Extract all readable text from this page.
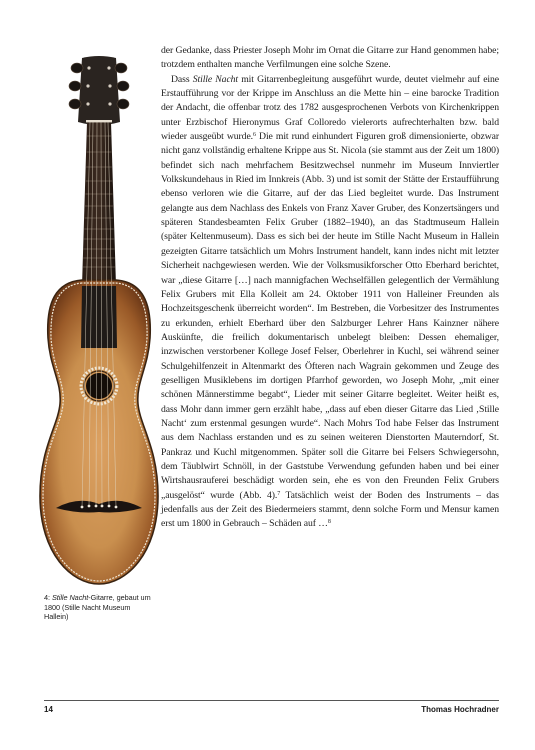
4: Stille Nacht-Gitarre, gebaut um 1800 (Stille Nacht Museum Hallein)

der Gedanke, dass Priester Joseph Mohr im Ornat die Gitarre zur Hand genommen habe; trotzdem enthalten manche Verfilmungen eine solche Szene.

Dass Stille Nacht mit Gitarrenbegleitung ausgeführt wurde, deutet vielmehr auf eine Erstaufführung vor der Krippe im Anschluss an die Mette hin – eine barocke Tradition der Andacht, die offenbar trotz des 1782 ausgesprochenen Verbots von Kirchenkrippen unter Erzbischof Hieronymus Graf Colloredo vielerorts aufrechterhalten bzw. bald wieder ausgeübt wurde.$^6$ Die mit rund einhundert Figuren groß dimensionierte, obzwar nicht ganz vollständig erhaltene Krippe aus St. Nicola (sie stammt aus der Zeit um 1800) befindet sich nach mehrfachem Besitzwechsel nunmehr im Museum Innviertler Volkskundehaus in Ried im Innkreis (Abb. 3) und ist somit der Stätte der Erstaufführung ebenso verloren wie die Gitarre, auf der das Lied begleitet wurde. Das Instrument gelangte aus dem Nachlass des Enkels von Franz Xaver Gruber, des Konzertsängers und späteren Standesbeamten Felix Gruber (1882–1940), an das Stadtmuseum Hallein (später Keltenmuseum). Dass es sich bei der heute im Stille Nacht Museum in Hallein gezeigten Gitarre tatsächlich um Mohrs Instrument handelt, kann indes nicht mit letzter Sicherheit nachgewiesen werden. Wie der Volksmusikforscher Otto Eberhard berichtet, war „diese Gitarre […] nach mannigfachen Wechselfällen gelegentlich der Vermählung Felix Grubers mit Ella Kolleit am 24. Oktober 1911 von Halleiner Freunden als Hochzeitsgeschenk überreicht worden“. Im Bestreben, die Vorbesitzer des Instrumentes zu erkunden, erhielt Eberhard über den Salzburger Lehrer Hans Kainzner nähere Auskünfte, die freilich dokumentarisch unbelegt bleiben: Dessen ehemaliger, inzwischen verstorbener Kollege Josef Felser, Oberlehrer in Kuchl, sei während seiner Schulgehilfenzeit in Altenmarkt des Öfteren nach Wagrain gekommen und Zeuge des geselligen Musiklebens im dortigen Pfarrhof geworden, wo Joseph Mohr, „mit einer schönen Männerstimme begabt“, Lieder mit seiner Gitarre begleitet. Weiter heißt es, dass Mohr dann immer gern erzählt habe, „dass auf eben dieser Gitarre das Lied ‚Stille Nacht‘ zum erstenmal gesungen wurde“. Nach Mohrs Tod habe Felser das Instrument aus dem Nachlass erstanden und es zu seinen weiteren Dienstorten Mauterndorf, St. Pankraz und Kuchl mitgenommen. Später soll die Gitarre bei Felsers Schwiegersohn, dem Täublwirt Schnöll, in der Gaststube Verwendung gefunden haben und bei einer Wirtshausrauferei beschädigt worden sein, ehe es von den Freunden Felix Grubers „ausgelöst“ wurde (Abb. 4).$^7$ Tatsächlich weist der Boden des Instruments – das jedenfalls aus der Zeit des Biedermeiers stammt, denn solche Form und Mensur kamen erst um 1800 in Gebrauch – Schäden auf …$^8$

14	Thomas Hochradner
